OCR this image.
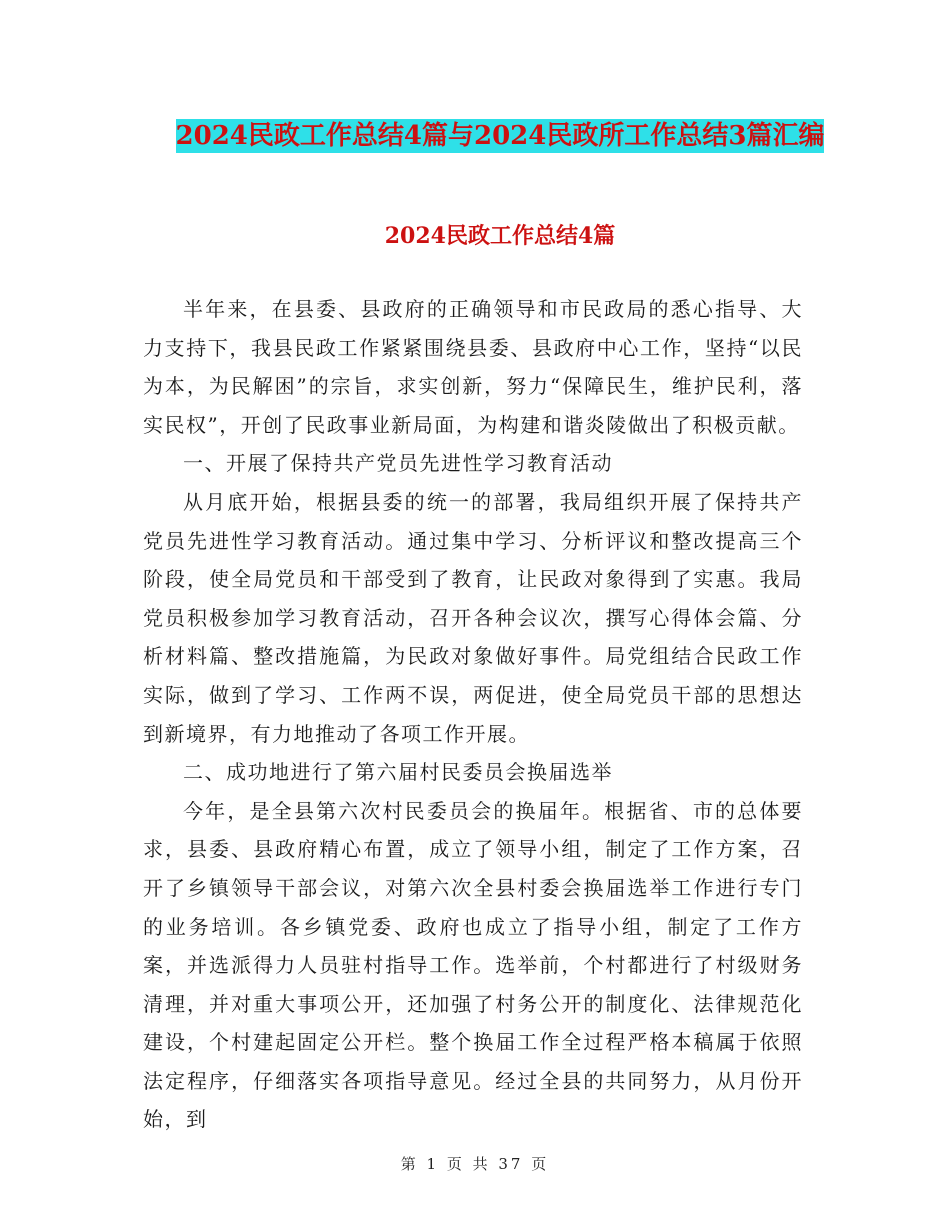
2024民政工作总结4篇与2024民政所工作总结3篇汇编
2024民政工作总结4篇

半年来，在县委、县政府的正确领导和市民政局的悉心指导、大力支持下，我县民政工作紧紧围绕县委、县政府中心工作，坚持“以民为本，为民解困”的宗旨，求实创新，努力“保障民生，维护民利，落实民权”，开创了民政事业新局面，为构建和谐炎陵做出了积极贡献。

一、开展了保持共产党员先进性学习教育活动

从月底开始，根据县委的统一的部署，我局组织开展了保持共产党员先进性学习教育活动。通过集中学习、分析评议和整改提高三个阶段，使全局党员和干部受到了教育，让民政对象得到了实惠。我局党员积极参加学习教育活动，召开各种会议次，撰写心得体会篇、分析材料篇、整改措施篇，为民政对象做好事件。局党组结合民政工作实际，做到了学习、工作两不误，两促进，使全局党员干部的思想达到新境界，有力地推动了各项工作开展。

二、成功地进行了第六届村民委员会换届选举

今年，是全县第六次村民委员会的换届年。根据省、市的总体要求，县委、县政府精心布置，成立了领导小组，制定了工作方案，召开了乡镇领导干部会议，对第六次全县村委会换届选举工作进行专门的业务培训。各乡镇党委、政府也成立了指导小组，制定了工作方案，并选派得力人员驻村指导工作。选举前，个村都进行了村级财务清理，并对重大事项公开，还加强了村务公开的制度化、法律规范化建设，个村建起固定公开栏。整个换届工作全过程严格本稿属于依照法定程序，仔细落实各项指导意见。经过全县的共同努力，从月份开始，到

第 1 页 共 37 页
